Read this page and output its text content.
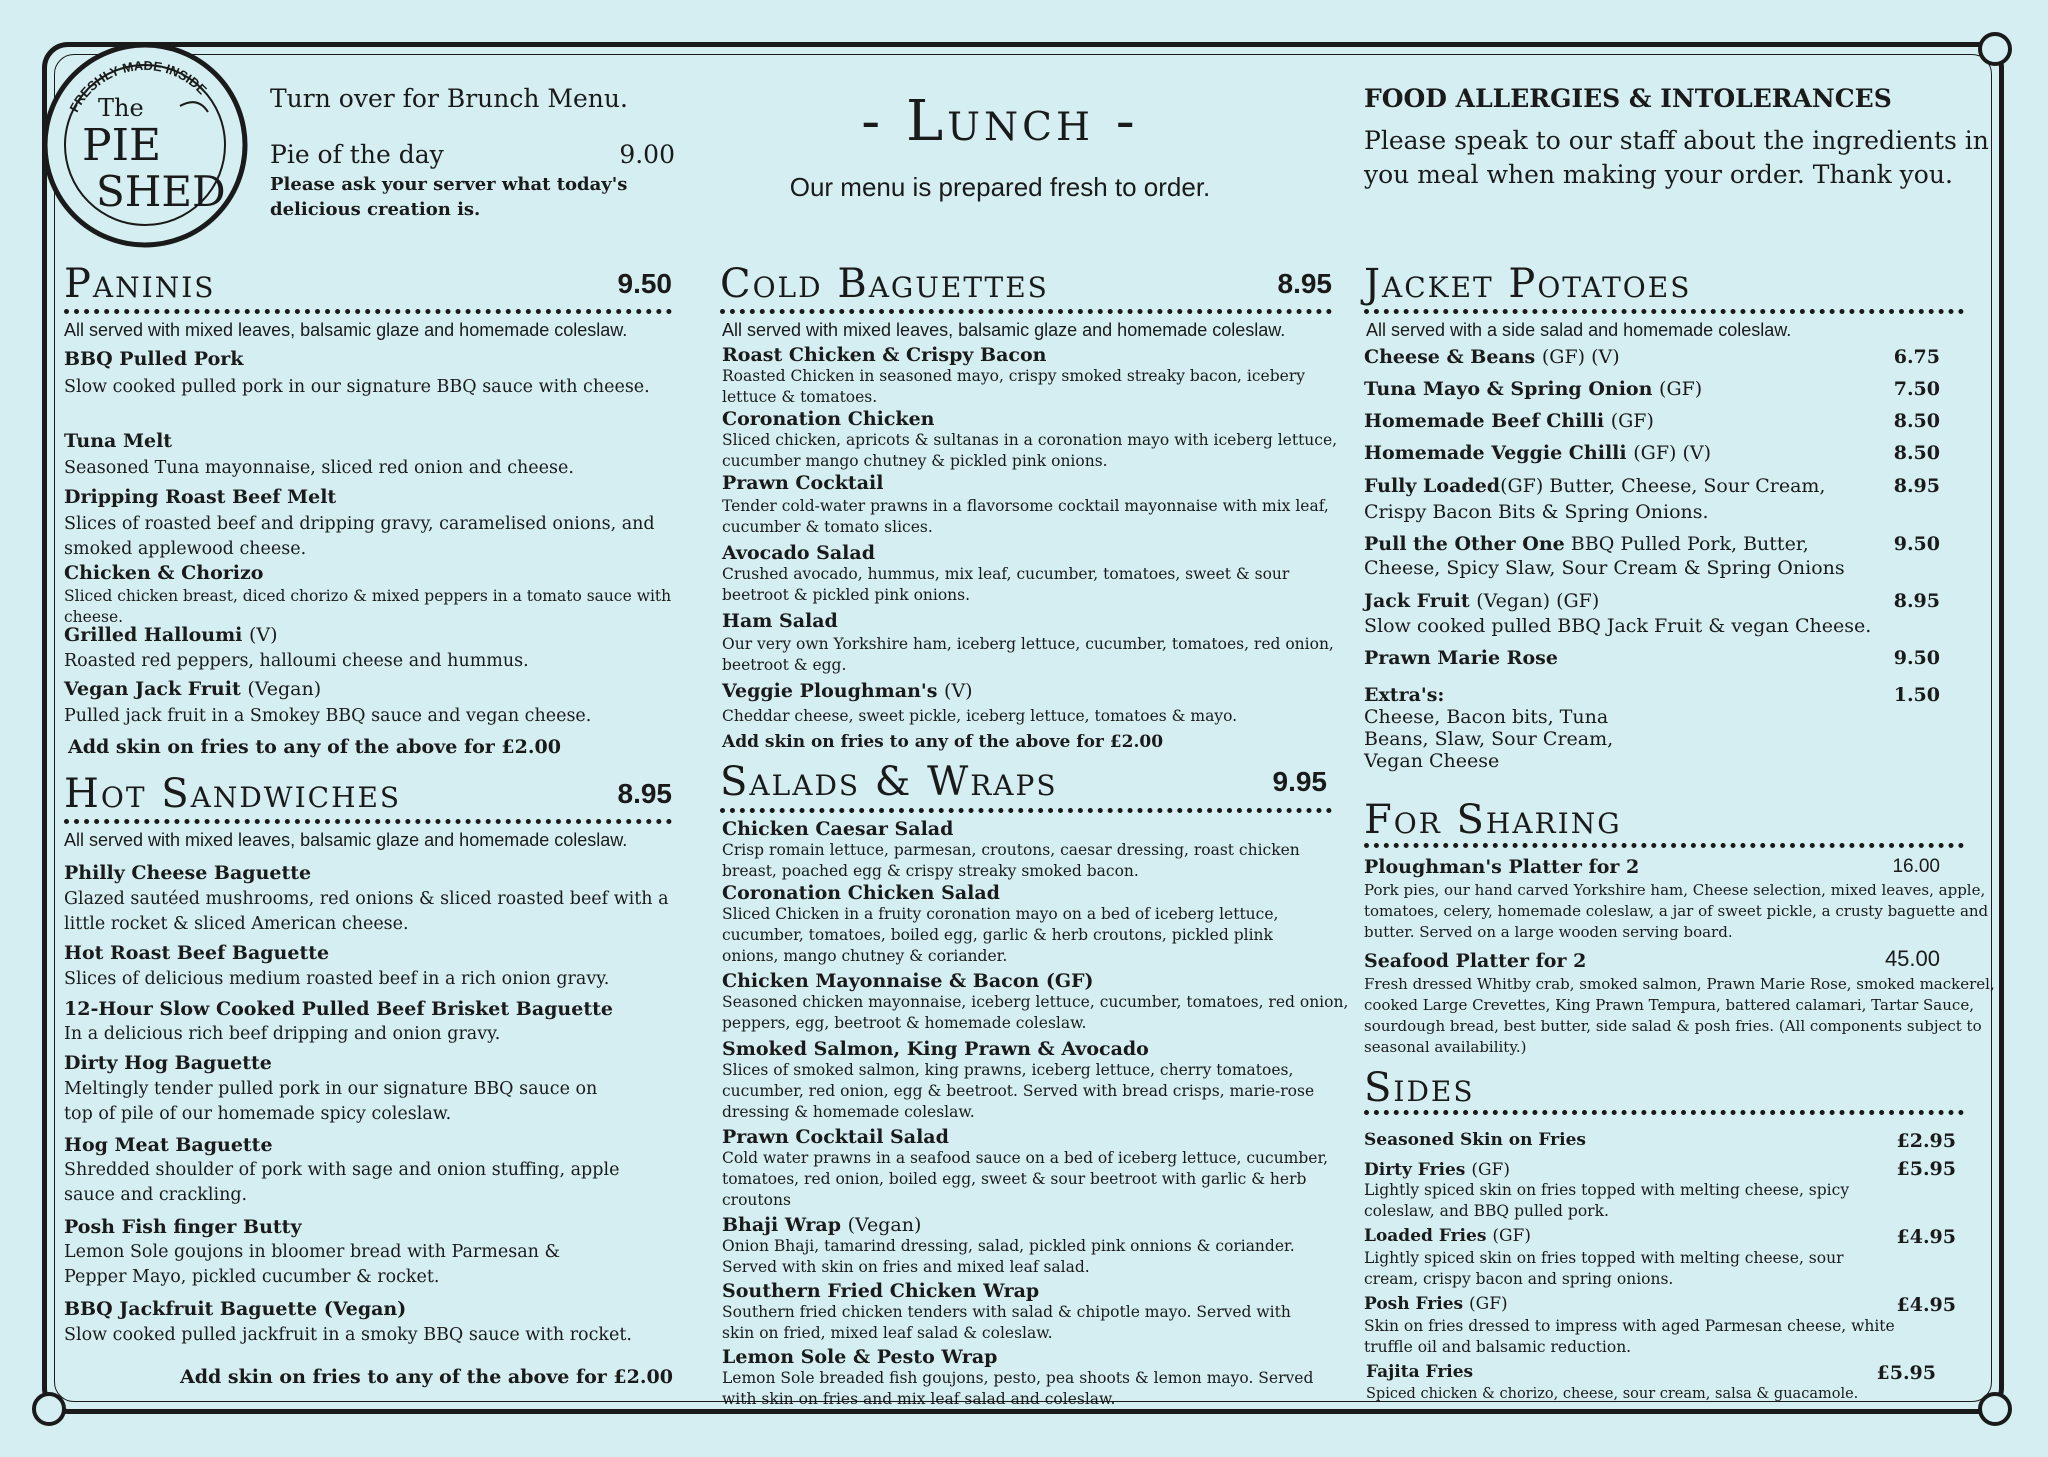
FRESHLY MADE INSIDE
The
PIE
SHED
Turn over for Brunch Menu.
Pie of the day	9.00
Please ask your server what today's delicious creation is.
- Lunch -
Our menu is prepared fresh to order.
FOOD ALLERGIES & INTOLERANCES
Please speak to our staff about the ingredients in you meal when making your order. Thank you.
Paninis	9.50
All served with mixed leaves, balsamic glaze and homemade coleslaw.
BBQ Pulled Pork
Slow cooked pulled pork in our signature BBQ sauce with cheese.
Tuna Melt
Seasoned Tuna mayonnaise, sliced red onion and cheese.
Dripping Roast Beef Melt
Slices of roasted beef and dripping gravy, caramelised onions, and smoked applewood cheese.
Chicken & Chorizo
Sliced chicken breast, diced chorizo & mixed peppers in a tomato sauce with cheese.
Grilled Halloumi (V)
Roasted red peppers, halloumi cheese and hummus.
Vegan Jack Fruit (Vegan)
Pulled jack fruit in a Smokey BBQ sauce and vegan cheese.
Add skin on fries to any of the above for £2.00
Hot Sandwiches	8.95
All served with mixed leaves, balsamic glaze and homemade coleslaw.
Philly Cheese Baguette
Glazed sautéed mushrooms, red onions & sliced roasted beef with a little rocket & sliced American cheese.
Hot Roast Beef Baguette
Slices of delicious medium roasted beef in a rich onion gravy.
12-Hour Slow Cooked Pulled Beef Brisket Baguette
In a delicious rich beef dripping and onion gravy.
Dirty Hog Baguette
Meltingly tender pulled pork in our signature BBQ sauce on top of pile of our homemade spicy coleslaw.
Hog Meat Baguette
Shredded shoulder of pork with sage and onion stuffing, apple sauce and crackling.
Posh Fish finger Butty
Lemon Sole goujons in bloomer bread with Parmesan & Pepper Mayo, pickled cucumber & rocket.
BBQ Jackfruit Baguette (Vegan)
Slow cooked pulled jackfruit in a smoky BBQ sauce with rocket.
Add skin on fries to any of the above for £2.00
Cold Baguettes	8.95
All served with mixed leaves, balsamic glaze and homemade coleslaw.
Roast Chicken & Crispy Bacon
Roasted Chicken in seasoned mayo, crispy smoked streaky bacon, icebery lettuce & tomatoes.
Coronation Chicken
Sliced chicken, apricots & sultanas in a coronation mayo with iceberg lettuce, cucumber mango chutney & pickled pink onions.
Prawn Cocktail
Tender cold-water prawns in a flavorsome cocktail mayonnaise with mix leaf, cucumber & tomato slices.
Avocado Salad
Crushed avocado, hummus, mix leaf, cucumber, tomatoes, sweet & sour beetroot & pickled pink onions.
Ham Salad
Our very own Yorkshire ham, iceberg lettuce, cucumber, tomatoes, red onion, beetroot & egg.
Veggie Ploughman's (V)
Cheddar cheese, sweet pickle, iceberg lettuce, tomatoes & mayo.
Add skin on fries to any of the above for £2.00
Salads & Wraps	9.95
Chicken Caesar Salad
Crisp romain lettuce, parmesan, croutons, caesar dressing, roast chicken breast, poached egg & crispy streaky smoked bacon.
Coronation Chicken Salad
Sliced Chicken in a fruity coronation mayo on a bed of iceberg lettuce, cucumber, tomatoes, boiled egg, garlic & herb croutons, pickled plink onions, mango chutney & coriander.
Chicken Mayonnaise & Bacon (GF)
Seasoned chicken mayonnaise, iceberg lettuce, cucumber, tomatoes, red onion, peppers, egg, beetroot & homemade coleslaw.
Smoked Salmon, King Prawn & Avocado
Slices of smoked salmon, king prawns, iceberg lettuce, cherry tomatoes, cucumber, red onion, egg & beetroot. Served with bread crisps, marie-rose dressing & homemade coleslaw.
Prawn Cocktail Salad
Cold water prawns in a seafood sauce on a bed of iceberg lettuce, cucumber, tomatoes, red onion, boiled egg, sweet & sour beetroot with garlic & herb croutons
Bhaji Wrap (Vegan)
Onion Bhaji, tamarind dressing, salad, pickled pink onnions & coriander. Served with skin on fries and mixed leaf salad.
Southern Fried Chicken Wrap
Southern fried chicken tenders with salad & chipotle mayo. Served with skin on fried, mixed leaf salad & coleslaw.
Lemon Sole & Pesto Wrap
Lemon Sole breaded fish goujons, pesto, pea shoots & lemon mayo. Served with skin on fries and mix leaf salad and coleslaw.
Jacket Potatoes
All served with a side salad and homemade coleslaw.
Cheese & Beans (GF) (V)	6.75
Tuna Mayo & Spring Onion (GF)	7.50
Homemade Beef Chilli (GF)	8.50
Homemade Veggie Chilli (GF) (V)	8.50
Fully Loaded(GF) Butter, Cheese, Sour Cream,	8.95
Crispy Bacon Bits & Spring Onions.
Pull the Other One BBQ Pulled Pork, Butter,	9.50
Cheese, Spicy Slaw, Sour Cream & Spring Onions
Jack Fruit (Vegan) (GF)	8.95
Slow cooked pulled BBQ Jack Fruit & vegan Cheese.
Prawn Marie Rose	9.50
Extra's:	1.50
Cheese, Bacon bits, Tuna Beans, Slaw, Sour Cream, Vegan Cheese
For Sharing
Ploughman's Platter for 2	16.00
Pork pies, our hand carved Yorkshire ham, Cheese selection, mixed leaves, apple, tomatoes, celery, homemade coleslaw, a jar of sweet pickle, a crusty baguette and butter. Served on a large wooden serving board.
Seafood Platter for 2	45.00
Fresh dressed Whitby crab, smoked salmon, Prawn Marie Rose, smoked mackerel, cooked Large Crevettes, King Prawn Tempura, battered calamari, Tartar Sauce, sourdough bread, best butter, side salad & posh fries. (All components subject to seasonal availability.)
Sides
Seasoned Skin on Fries	£2.95
Dirty Fries (GF)	£5.95
Lightly spiced skin on fries topped with melting cheese, spicy coleslaw, and BBQ pulled pork.
Loaded Fries (GF)	£4.95
Lightly spiced skin on fries topped with melting cheese, sour cream, crispy bacon and spring onions.
Posh Fries (GF)	£4.95
Skin on fries dressed to impress with aged Parmesan cheese, white truffle oil and balsamic reduction.
Fajita Fries	£5.95
Spiced chicken & chorizo, cheese, sour cream, salsa & guacamole.
